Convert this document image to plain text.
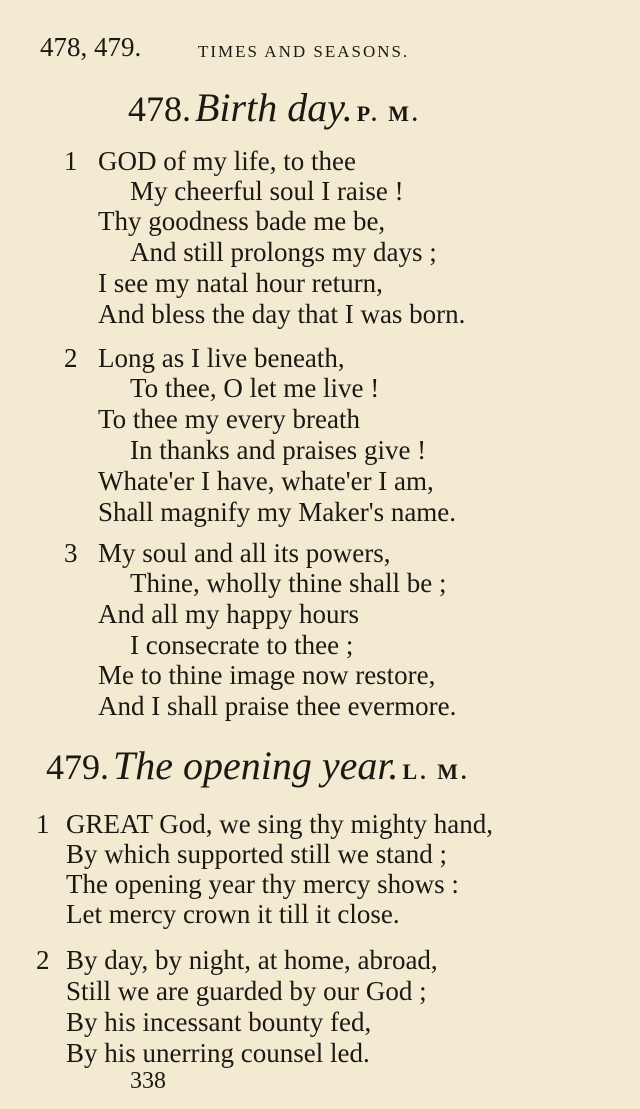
478, 479.	TIMES AND SEASONS.
478. Birth day. P. M.
1 GOD of my life, to thee
My cheerful soul I raise !
Thy goodness bade me be,
And still prolongs my days ;
I see my natal hour return,
And bless the day that I was born.
2 Long as I live beneath,
To thee, O let me live !
To thee my every breath
In thanks and praises give !
Whate'er I have, whate'er I am,
Shall magnify my Maker's name.
3 My soul and all its powers,
Thine, wholly thine shall be ;
And all my happy hours
I consecrate to thee ;
Me to thine image now restore,
And I shall praise thee evermore.
479. The opening year. L. M.
1 GREAT God, we sing thy mighty hand,
By which supported still we stand ;
The opening year thy mercy shows :
Let mercy crown it till it close.
2 By day, by night, at home, abroad,
Still we are guarded by our God ;
By his incessant bounty fed,
By his unerring counsel led.
338
